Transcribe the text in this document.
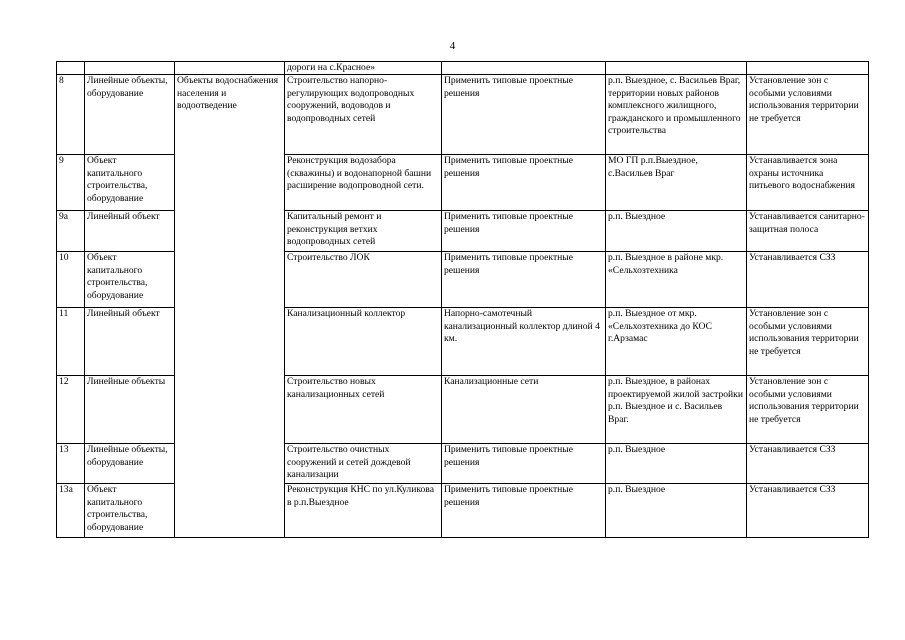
4
			дороги на с.Красное»			
8	Линейные объекты, оборудование	Объекты водоснабжения населения и водоотведение	Строительство напорно-регулирующих водопроводных сооружений, водоводов и водопроводных сетей	Применить типовые проектные решения	р.п. Выездное, с. Васильев Враг, территории новых районов комплексного жилищного, гражданского и промышленного строительства	Установление зон с особыми условиями использования территории не требуется
9	Объект капитального строительства, оборудование		Реконструкция водозабора (скважины) и водонапорной башни расширение водопроводной сети.	Применить типовые проектные решения	МО ГП р.п.Выездное, с.Васильев Враг	Устанавливается зона охраны источника питьевого водоснабжения
9а	Линейный объект		Капитальный ремонт и реконструкция ветхих водопроводных сетей	Применить типовые проектные решения	р.п. Выездное	Устанавливается санитарно-защитная полоса
10	Объект капитального строительства, оборудование		Строительство ЛОК	Применить типовые проектные решения	р.п. Выездное в районе мкр. «Сельхозтехника	Устанавливается СЗЗ
11	Линейный объект		Канализационный коллектор	Напорно-самотечный канализационный коллектор длиной 4 км.	р.п. Выездное от мкр. «Сельхозтехника до КОС г.Арзамас	Установление зон с особыми условиями использования территории не требуется
12	Линейные объекты		Строительство новых канализационных сетей	Канализационные сети	р.п. Выездное, в районах проектируемой жилой застройки р.п. Выездное и с. Васильев Враг.	Установление зон с особыми условиями использования территории не требуется
13	Линейные объекты, оборудование		Строительство очистных сооружений и сетей дождевой канализации	Применить типовые проектные решения	р.п. Выездное	Устанавливается СЗЗ
13а	Объект капитального строительства, оборудование		Реконструкция КНС по ул.Куликова в р.п.Выездное	Применить типовые проектные решения	р.п. Выездное	Устанавливается СЗЗ
